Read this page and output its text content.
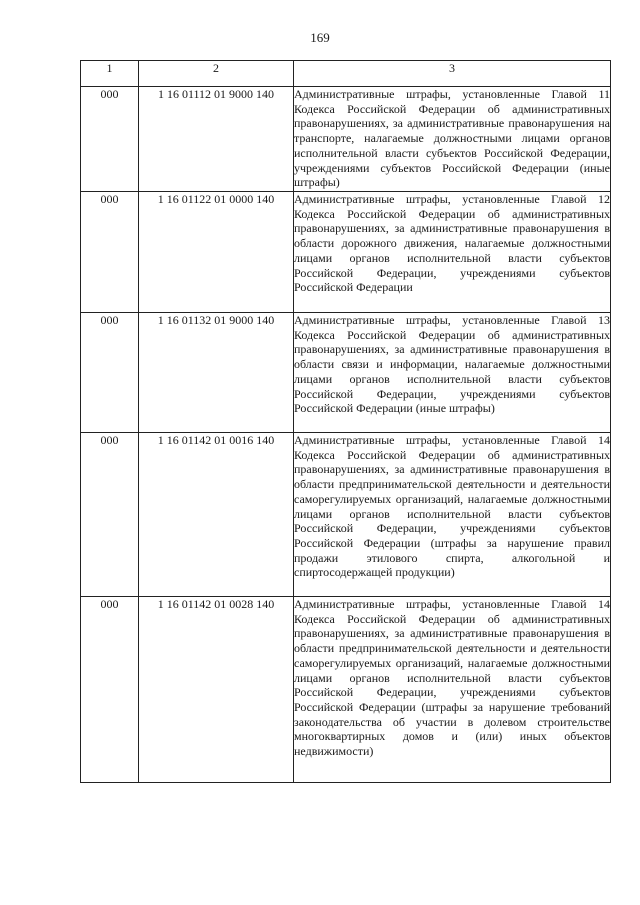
169
1	2	3
000	1 16 01112 01 9000 140	Административные штрафы, установленные Главой 11 Кодекса Российской Федерации об административных правонарушениях, за административные правонарушения на транспорте, налагаемые должностными лицами органов исполнительной власти субъектов Российской Федерации, учреждениями субъектов Российской Федерации (иные штрафы)
000	1 16 01122 01 0000 140	Административные штрафы, установленные Главой 12 Кодекса Российской Федерации об административных правонарушениях, за административные правонарушения в области дорожного движения, налагаемые должностными лицами органов исполнительной власти субъектов Российской Федерации, учреждениями субъектов Российской Федерации
000	1 16 01132 01 9000 140	Административные штрафы, установленные Главой 13 Кодекса Российской Федерации об административных правонарушениях, за административные правонарушения в области связи и информации, налагаемые должностными лицами органов исполнительной власти субъектов Российской Федерации, учреждениями субъектов Российской Федерации (иные штрафы)
000	1 16 01142 01 0016 140	Административные штрафы, установленные Главой 14 Кодекса Российской Федерации об административных правонарушениях, за административные правонарушения в области предпринимательской деятельности и деятельности саморегулируемых организаций, налагаемые должностными лицами органов исполнительной власти субъектов Российской Федерации, учреждениями субъектов Российской Федерации (штрафы за нарушение правил продажи этилового спирта, алкогольной и спиртосодержащей продукции)
000	1 16 01142 01 0028 140	Административные штрафы, установленные Главой 14 Кодекса Российской Федерации об административных правонарушениях, за административные правонарушения в области предпринимательской деятельности и деятельности саморегулируемых организаций, налагаемые должностными лицами органов исполнительной власти субъектов Российской Федерации, учреждениями субъектов Российской Федерации (штрафы за нарушение требований законодательства об участии в долевом строительстве многоквартирных домов и (или) иных объектов недвижимости)
